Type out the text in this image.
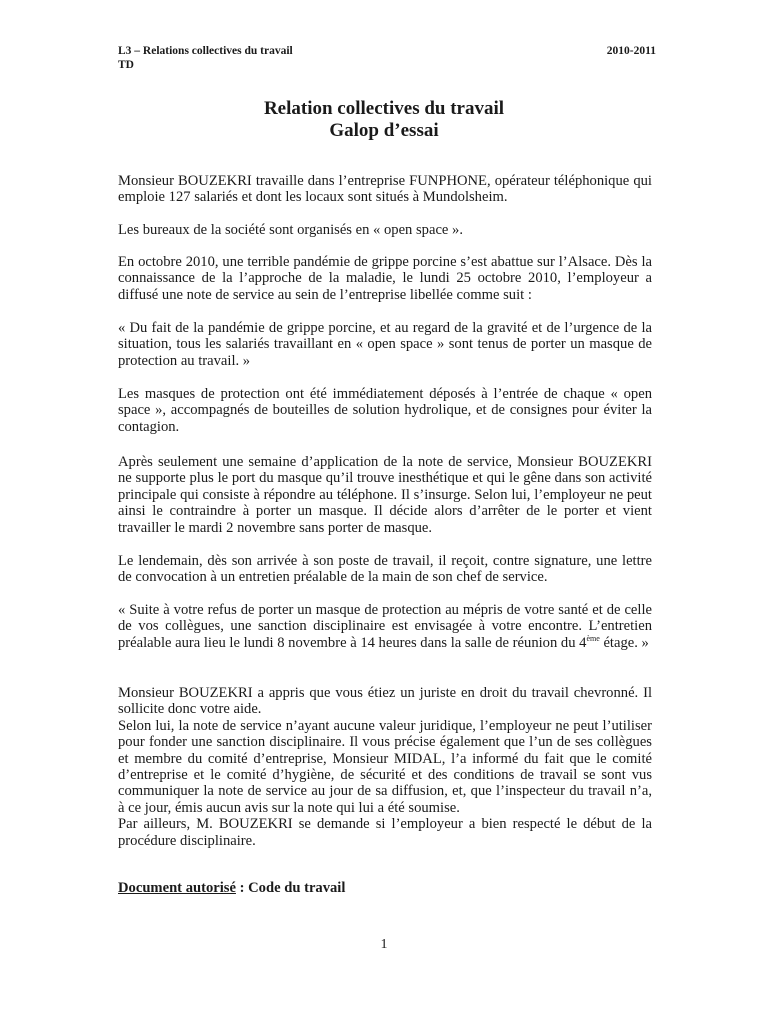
L3 – Relations collectives du travail
TD
2010-2011
Relation collectives du travail
Galop d’essai

Monsieur BOUZEKRI travaille dans l’entreprise FUNPHONE, opérateur téléphonique qui emploie 127 salariés et dont les locaux sont situés à Mundolsheim.

Les bureaux de la société sont organisés en « open space ».

En octobre 2010, une terrible pandémie de grippe porcine s’est abattue sur l’Alsace. Dès la connaissance de la l’approche de la maladie, le lundi 25 octobre 2010, l’employeur a diffusé une note de service au sein de l’entreprise libellée comme suit :

« Du fait de la pandémie de grippe porcine, et au regard de la gravité et de l’urgence de la situation, tous les salariés travaillant en « open space » sont tenus de porter un masque de protection au travail. »

Les masques de protection ont été immédiatement déposés à l’entrée de chaque « open space », accompagnés de bouteilles de solution hydrolique, et de consignes pour éviter la contagion.

Après seulement une semaine d’application de la note de service, Monsieur BOUZEKRI ne supporte plus le port du masque qu’il trouve inesthétique et qui le gêne dans son activité principale qui consiste à répondre au téléphone. Il s’insurge. Selon lui, l’employeur ne peut ainsi le contraindre à porter un masque. Il décide alors d’arrêter de le porter et vient travailler le mardi 2 novembre sans porter de masque.

Le lendemain, dès son arrivée à son poste de travail, il reçoit, contre signature, une lettre de convocation à un entretien préalable de la main de son chef de service.

« Suite à votre refus de porter un masque de protection au mépris de votre santé et de celle de vos collègues, une sanction disciplinaire est envisagée à votre encontre. L’entretien préalable aura lieu le lundi 8 novembre à 14 heures dans la salle de réunion du 4ème étage. »

Monsieur BOUZEKRI a appris que vous étiez un juriste en droit du travail chevronné. Il sollicite donc votre aide.
Selon lui, la note de service n’ayant aucune valeur juridique, l’employeur ne peut l’utiliser pour fonder une sanction disciplinaire. Il vous précise également que l’un de ses collègues et membre du comité d’entreprise, Monsieur MIDAL, l’a informé du fait que le comité d’entreprise et le comité d’hygiène, de sécurité et des conditions de travail se sont vus communiquer la note de service au jour de sa diffusion, et, que l’inspecteur du travail n’a, à ce jour, émis aucun avis sur la note qui lui a été soumise.
Par ailleurs, M. BOUZEKRI se demande si l’employeur a bien respecté le début de la procédure disciplinaire.
Document autorisé : Code du travail
1
